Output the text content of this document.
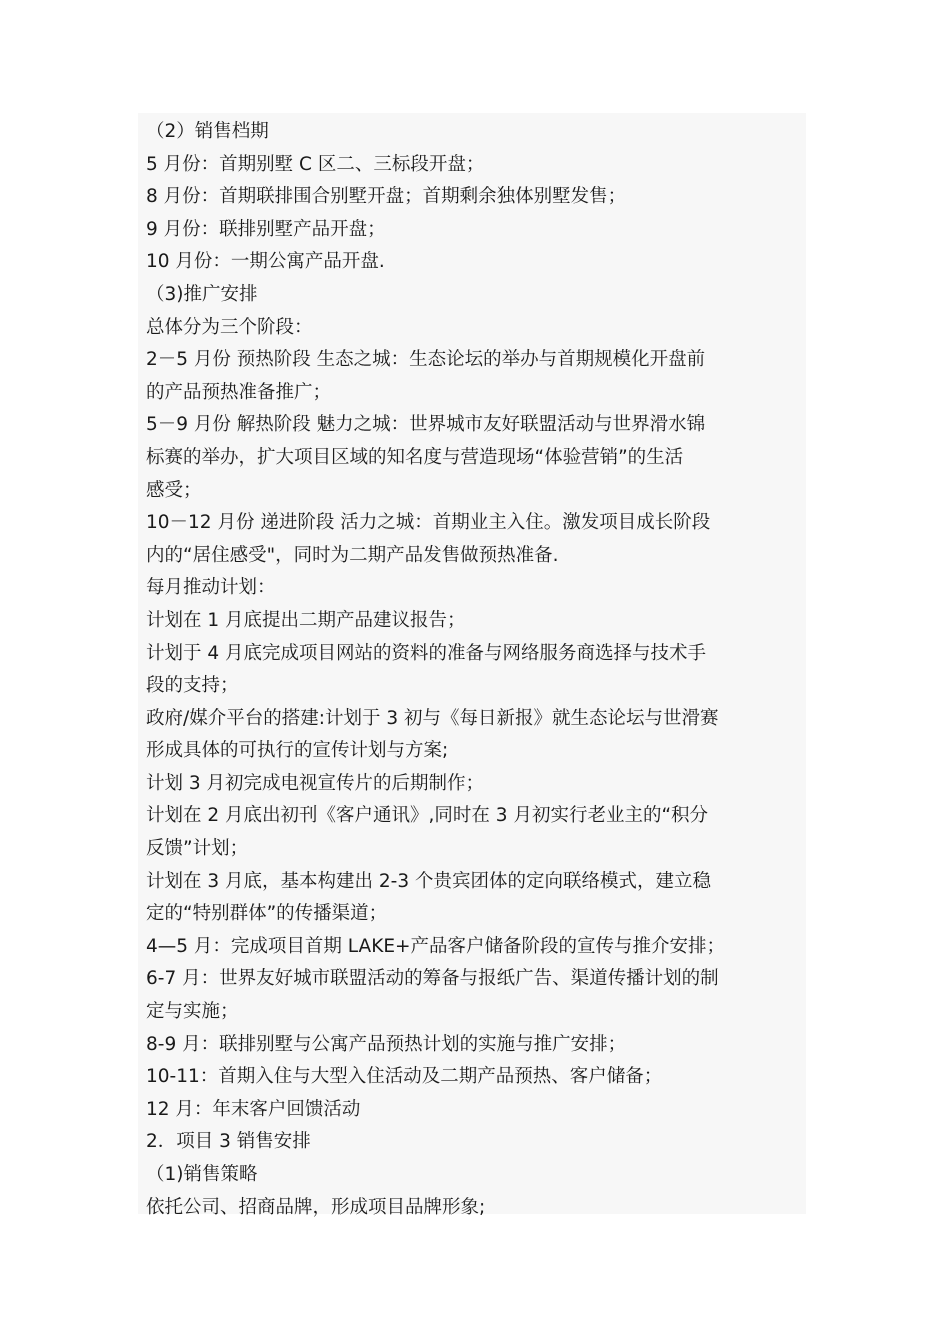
（2）销售档期

5 月份：首期别墅 C 区二、三标段开盘；

8 月份：首期联排围合别墅开盘；首期剩余独体别墅发售；

9 月份：联排别墅产品开盘；

10 月份：一期公寓产品开盘.

（3)推广安排

总体分为三个阶段：

2－5 月份 预热阶段 生态之城：生态论坛的举办与首期规模化开盘前

的产品预热准备推广；

5－9 月份 解热阶段 魅力之城：世界城市友好联盟活动与世界滑水锦

标赛的举办，扩大项目区域的知名度与营造现场“体验营销”的生活

感受；

10－12 月份 递进阶段 活力之城：首期业主入住。激发项目成长阶段

内的“居住感受"，同时为二期产品发售做预热准备.

每月推动计划：

计划在 1 月底提出二期产品建议报告；

计划于 4 月底完成项目网站的资料的准备与网络服务商选择与技术手

段的支持；

政府/媒介平台的搭建:计划于 3 初与《每日新报》就生态论坛与世滑赛

形成具体的可执行的宣传计划与方案;

计划 3 月初完成电视宣传片的后期制作；

计划在 2 月底出初刊《客户通讯》,同时在 3 月初实行老业主的“积分

反馈”计划；

计划在 3 月底，基本构建出 2-3 个贵宾团体的定向联络模式，建立稳

定的“特别群体”的传播渠道；

4—5 月：完成项目首期 LAKE+产品客户储备阶段的宣传与推介安排；

6-7 月：世界友好城市联盟活动的筹备与报纸广告、渠道传播计划的制

定与实施；

8-9 月：联排别墅与公寓产品预热计划的实施与推广安排；

10-11：首期入住与大型入住活动及二期产品预热、客户储备；

12 月：年末客户回馈活动

2．项目 3 销售安排

（1)销售策略

依托公司、招商品牌，形成项目品牌形象;
